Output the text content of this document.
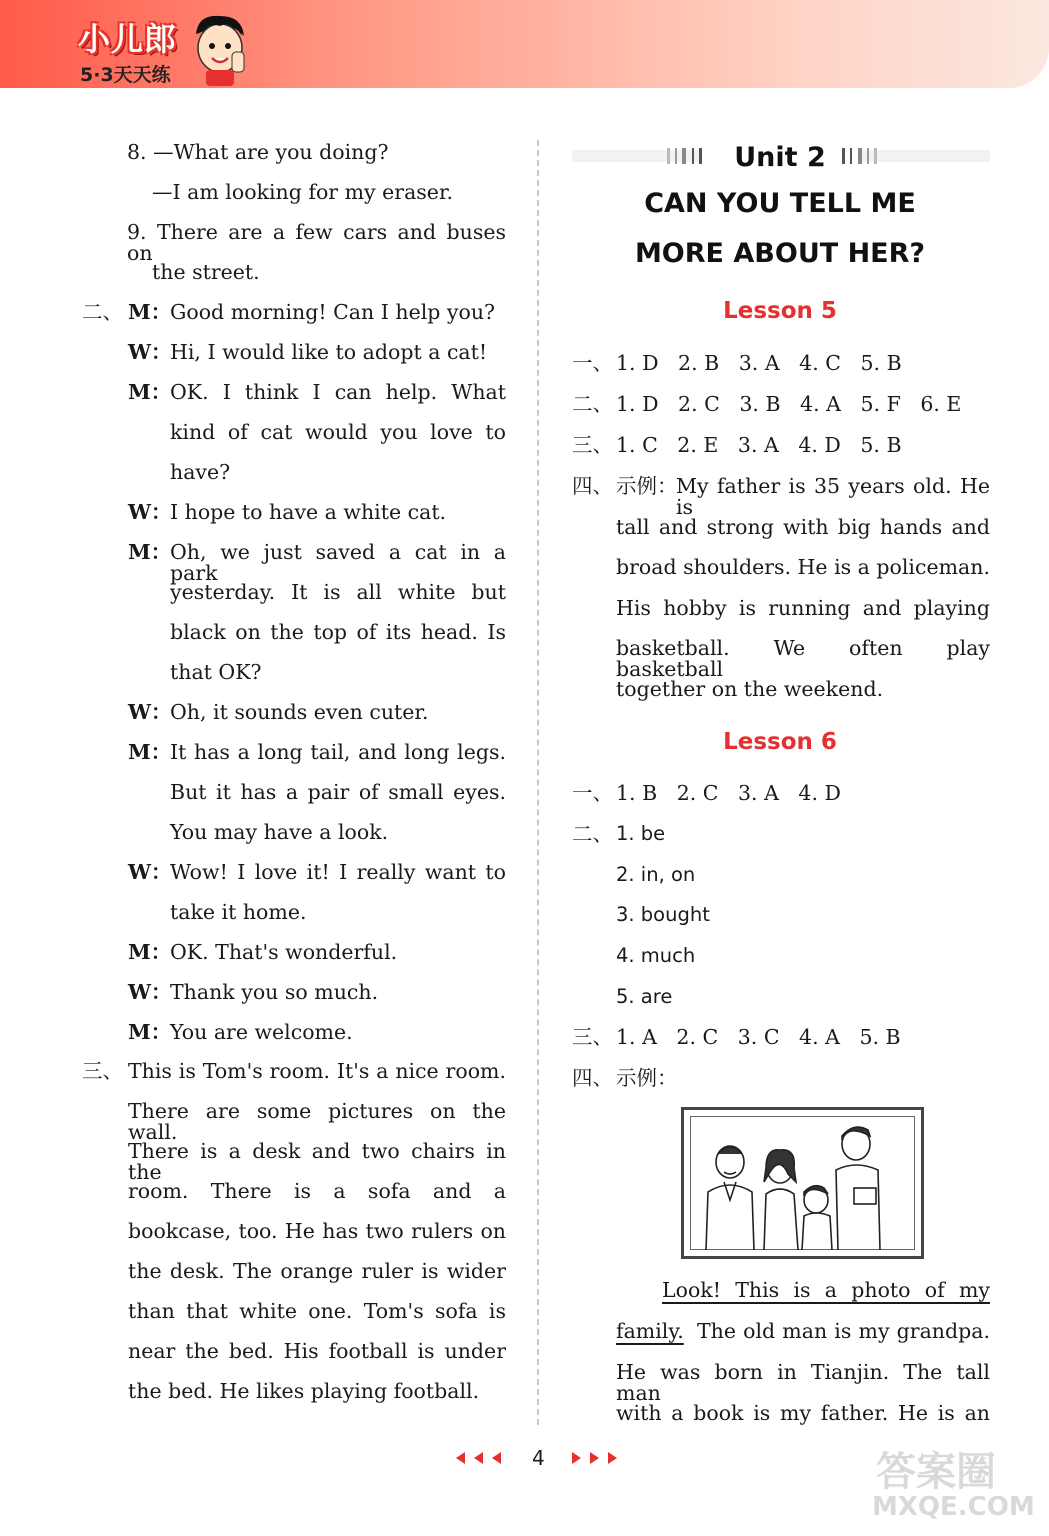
小儿郎
5·3天天练
8. —What are you doing?
—I am looking for my eraser.
9. There are a few cars and buses on
the street.
二、 M：
Good morning! Can I help you?
W：
Hi, I would like to adopt a cat!
M：
OK. I think I can help. What
kind of cat would you love to
have?
W：
I hope to have a white cat.
M：
Oh, we just saved a cat in a park
yesterday. It is all white but
black on the top of its head. Is
that OK?
W：
Oh, it sounds even cuter.
M：
It has a long tail, and long legs.
But it has a pair of small eyes.
You may have a look.
W：
Wow! I love it! I really want to
take it home.
M：
OK. That's wonderful.
W：
Thank you so much.
M：
You are welcome.
三、 This is Tom's room. It's a nice room.
There are some pictures on the wall.
There is a desk and two chairs in the
room. There is a sofa and a
bookcase, too. He has two rulers on
the desk. The orange ruler is wider
than that white one. Tom's sofa is
near the bed. His football is under
the bed. He likes playing football.
Unit 2
CAN YOU TELL ME
MORE ABOUT HER?
Lesson 5
一、 1. D   2. B   3. A   4. C   5. B
二、 1. D   2. C   3. B   4. A   5. F   6. E
三、 1. C   2. E   3. A   4. D   5. B
四、 示例：
My father is 35 years old. He is
tall and strong with big hands and
broad shoulders. He is a policeman.
His hobby is running and playing
basketball. We often play basketball
together on the weekend.
Lesson 6
一、 1. B   2. C   3. A   4. D
二、 1. be
2. in, on
3. bought
4. much
5. are
三、 1. A   2. C   3. C   4. A   5. B
四、 示例：
Look! This is a photo of my
family. The old man is my grandpa.
He was born in Tianjin. The tall man
with a book is my father. He is an
4	答案圈
MXQE.COM
